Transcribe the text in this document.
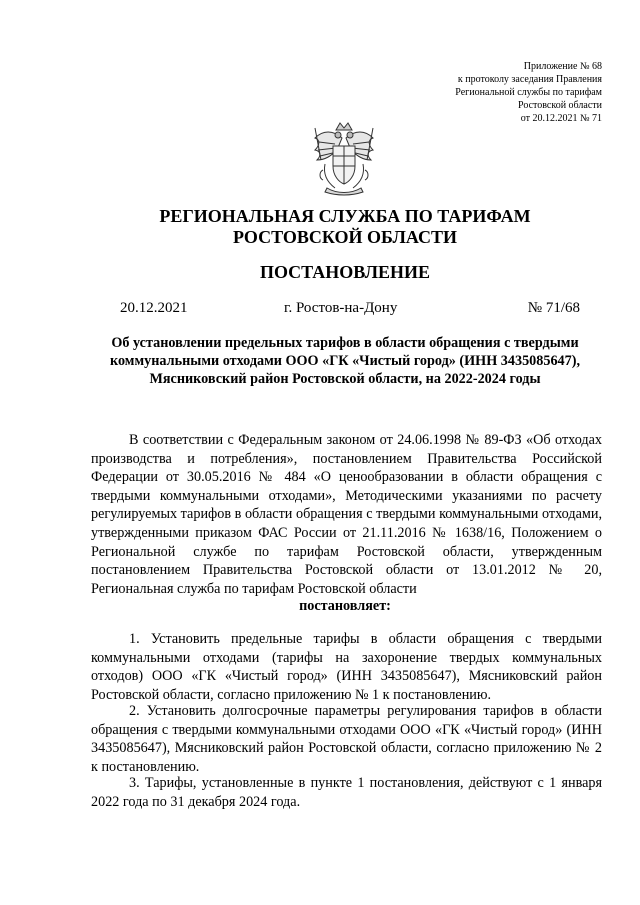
Приложение № 68
к протоколу заседания Правления
Региональной службы по тарифам
Ростовской области
от 20.12.2021 № 71
РЕГИОНАЛЬНАЯ СЛУЖБА ПО ТАРИФАМ
РОСТОВСКОЙ ОБЛАСТИ
ПОСТАНОВЛЕНИЕ
20.12.2021	г. Ростов-на-Дону	№ 71/68
Об установлении предельных тарифов в области обращения с твердыми коммунальными отходами ООО «ГК «Чистый город» (ИНН 3435085647), Мясниковский район Ростовской области, на 2022-2024 годы
В соответствии с Федеральным законом от 24.06.1998 № 89-ФЗ «Об отходах производства и потребления», постановлением Правительства Российской Федерации от 30.05.2016 № 484 «О ценообразовании в области обращения с твердыми коммунальными отходами», Методическими указаниями по расчету регулируемых тарифов в области обращения с твердыми коммунальными отходами, утвержденными приказом ФАС России от 21.11.2016 № 1638/16, Положением о Региональной службе по тарифам Ростовской области, утвержденным постановлением Правительства Ростовской области от 13.01.2012 № 20, Региональная служба по тарифам Ростовской области
постановляет:
1. Установить предельные тарифы в области обращения с твердыми коммунальными отходами (тарифы на захоронение твердых коммунальных отходов) ООО «ГК «Чистый город» (ИНН 3435085647), Мясниковский район Ростовской области, согласно приложению № 1 к постановлению.
2. Установить долгосрочные параметры регулирования тарифов в области обращения с твердыми коммунальными отходами ООО «ГК «Чистый город» (ИНН 3435085647), Мясниковский район Ростовской области, согласно приложению № 2 к постановлению.
3. Тарифы, установленные в пункте 1 постановления, действуют с 1 января 2022 года по 31 декабря 2024 года.
